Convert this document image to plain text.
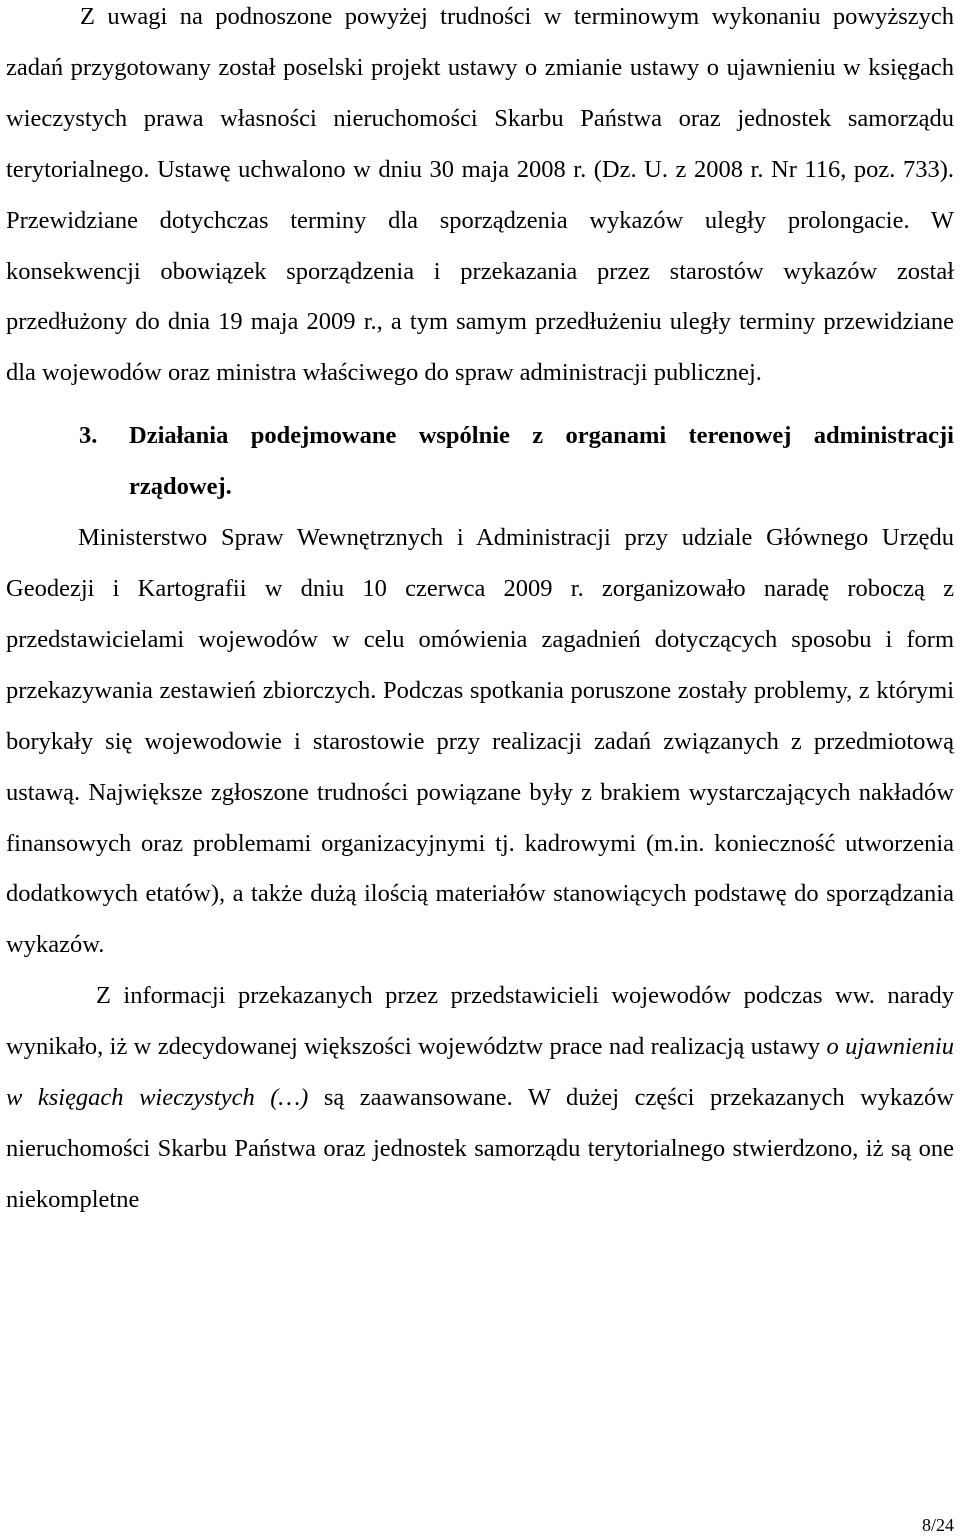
Z uwagi na podnoszone powyżej trudności w terminowym wykonaniu powyższych zadań przygotowany został poselski projekt ustawy o zmianie ustawy o ujawnieniu w księgach wieczystych prawa własności nieruchomości Skarbu Państwa oraz jednostek samorządu terytorialnego. Ustawę uchwalono w dniu 30 maja 2008 r. (Dz. U. z 2008 r. Nr 116, poz. 733). Przewidziane dotychczas terminy dla sporządzenia wykazów uległy prolongacie. W konsekwencji obowiązek sporządzenia i przekazania przez starostów wykazów został przedłużony do dnia 19 maja 2009 r., a tym samym przedłużeniu uległy terminy przewidziane dla wojewodów oraz ministra właściwego do spraw administracji publicznej.

3.	Działania podejmowane wspólnie z organami terenowej administracji rządowej.

Ministerstwo Spraw Wewnętrznych i Administracji przy udziale Głównego Urzędu Geodezji i Kartografii w dniu 10 czerwca 2009 r. zorganizowało naradę roboczą z przedstawicielami wojewodów w celu omówienia zagadnień dotyczących sposobu i form przekazywania zestawień zbiorczych. Podczas spotkania poruszone zostały problemy, z którymi borykały się wojewodowie i starostowie przy realizacji zadań związanych z przedmiotową ustawą. Największe zgłoszone trudności powiązane były z brakiem wystarczających nakładów finansowych oraz problemami organizacyjnymi tj. kadrowymi (m.in. konieczność utworzenia dodatkowych etatów), a także dużą ilością materiałów stanowiących podstawę do sporządzania wykazów.

Z informacji przekazanych przez przedstawicieli wojewodów podczas ww. narady wynikało, iż w zdecydowanej większości województw prace nad realizacją ustawy o ujawnieniu w księgach wieczystych (…) są zaawansowane. W dużej części przekazanych wykazów nieruchomości Skarbu Państwa oraz jednostek samorządu terytorialnego stwierdzono, iż są one niekompletne

8/24
